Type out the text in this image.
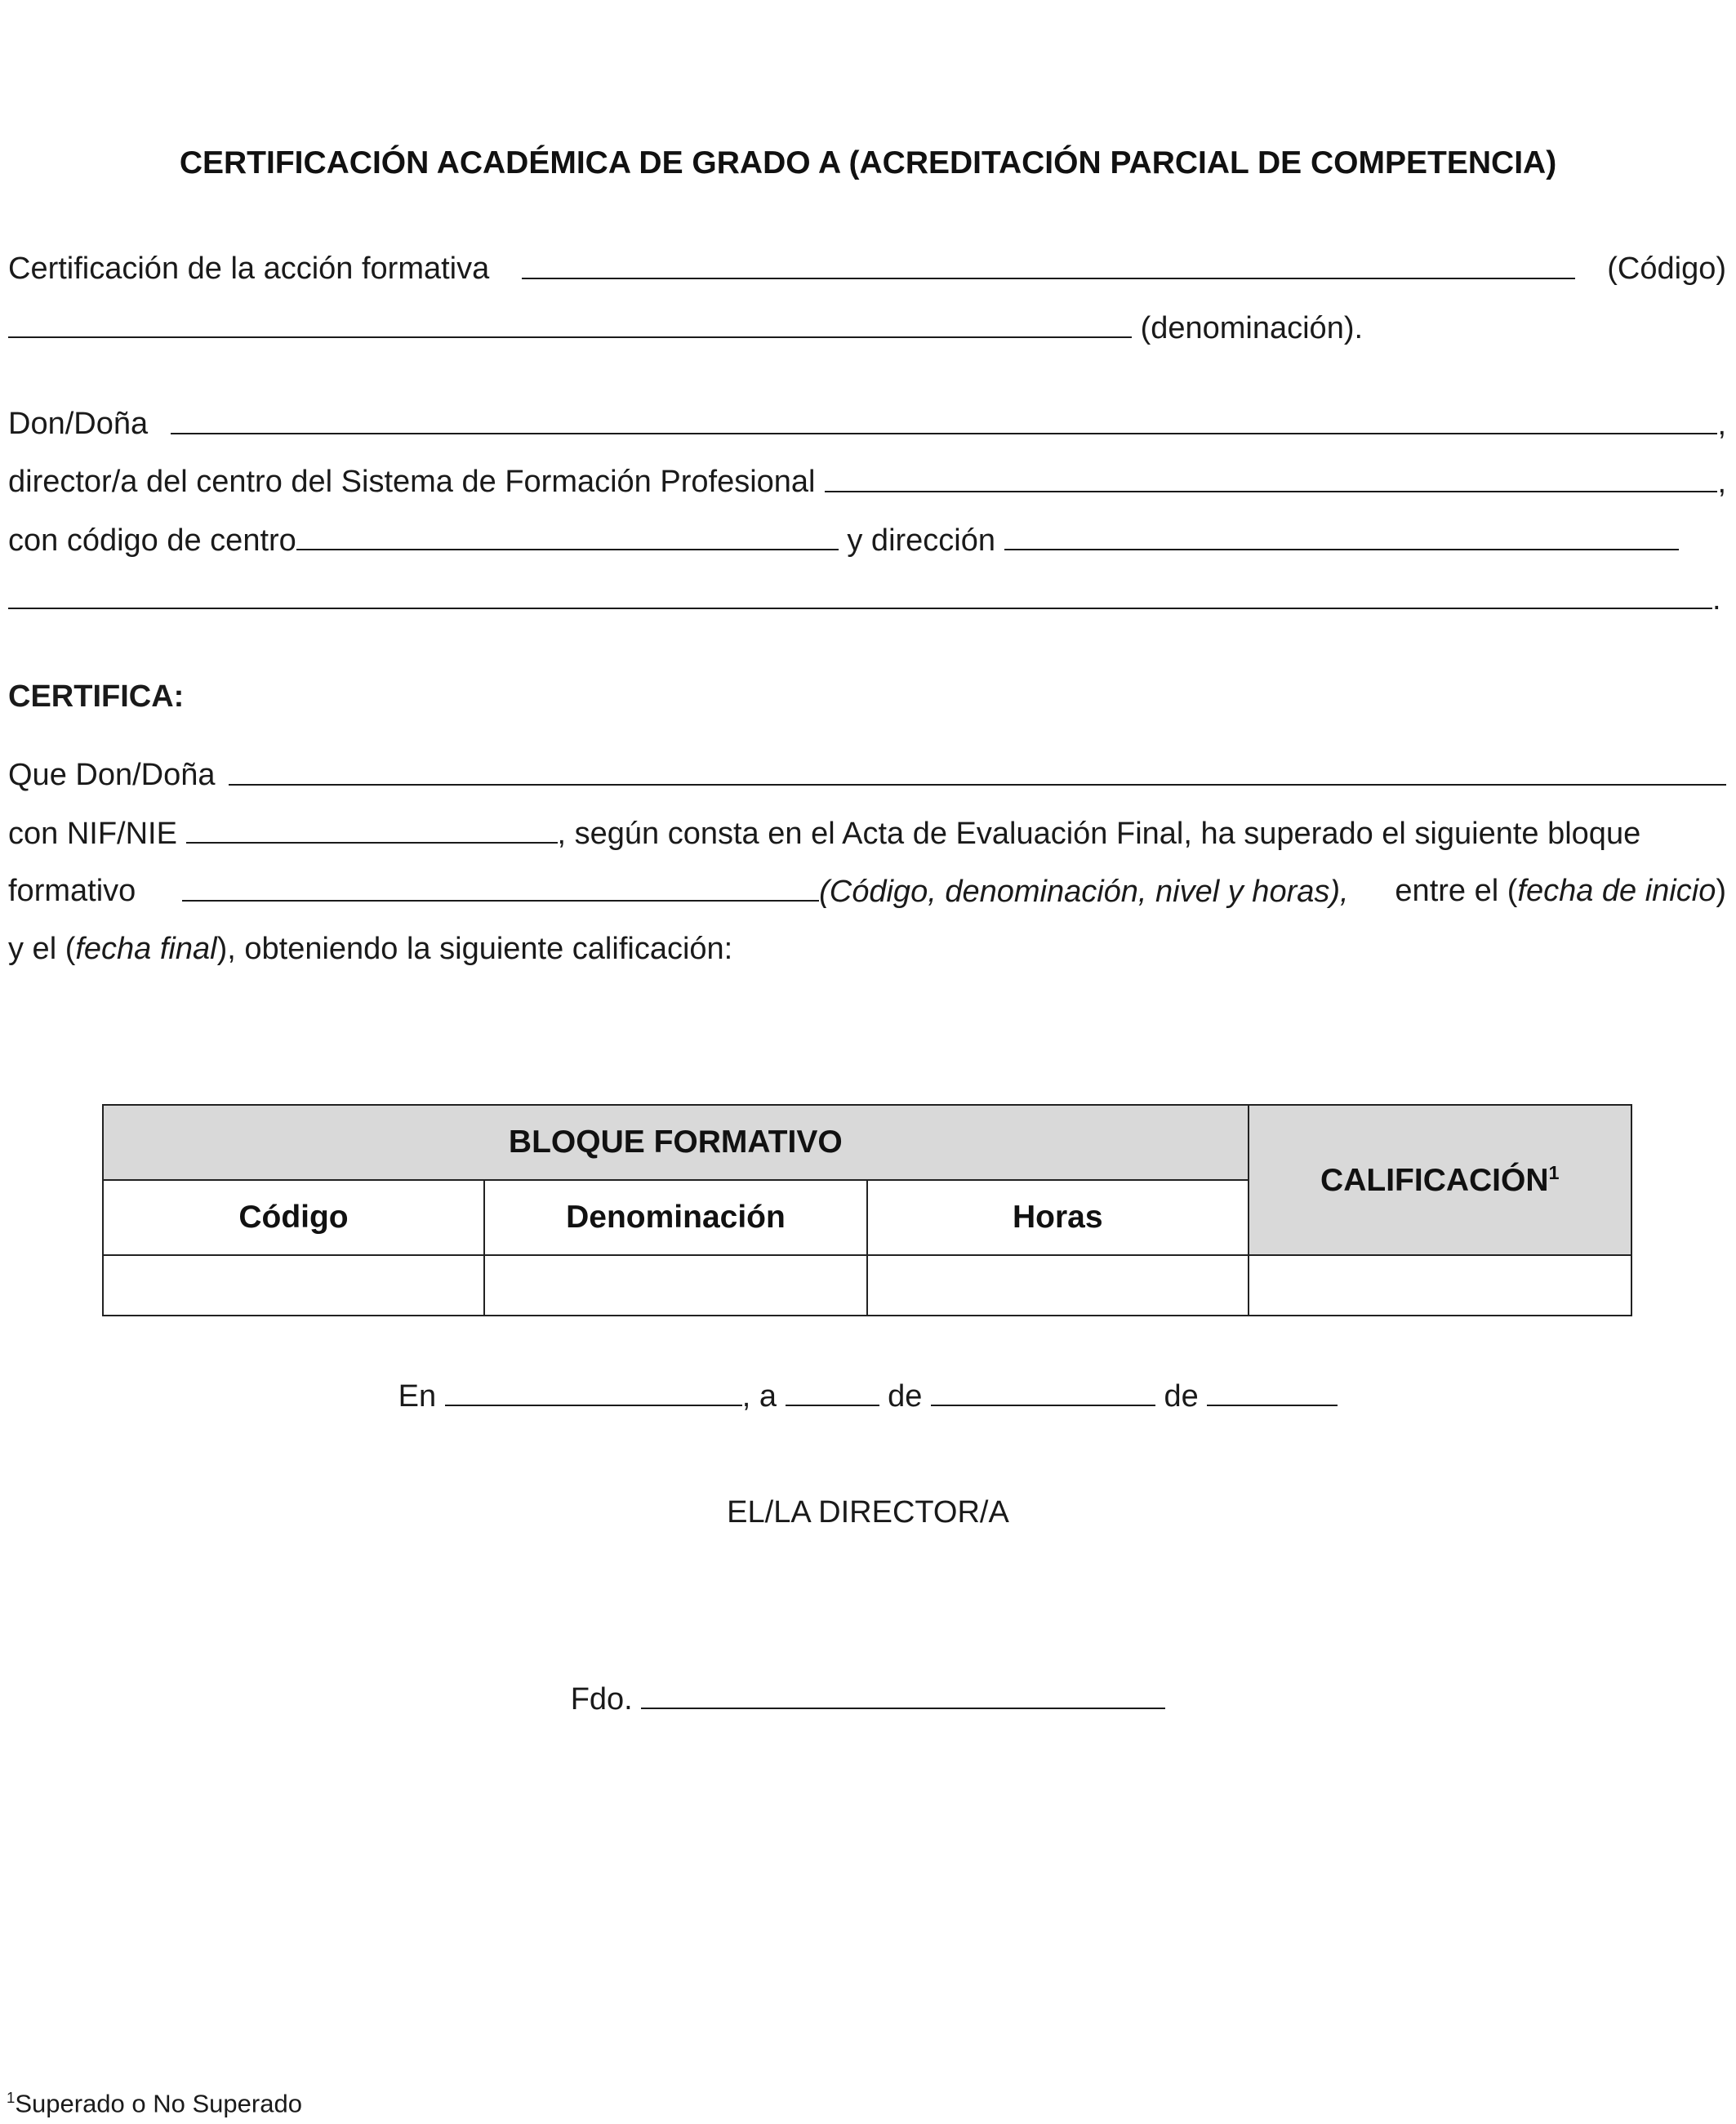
CERTIFICACIÓN ACADÉMICA DE GRADO A (ACREDITACIÓN PARCIAL DE COMPETENCIA)
Certificación de la acción formativa	(Código)
(denominación).
Don/Doña	,
director/a del centro del Sistema de Formación Profesional	,
con código de centro	y dirección
.
CERTIFICA:
Que Don/Doña
con NIF/NIE	, según consta en el Acta de Evaluación Final, ha superado el siguiente bloque
formativo	(Código, denominación, nivel y horas), entre el (fecha de inicio)
y el (fecha final), obteniendo la siguiente calificación:
BLOQUE FORMATIVO			CALIFICACIÓN$^1$
Código	Denominación	Horas	

En	, a	de	de
EL/LA DIRECTOR/A
Fdo.
$^1$Superado o No Superado
